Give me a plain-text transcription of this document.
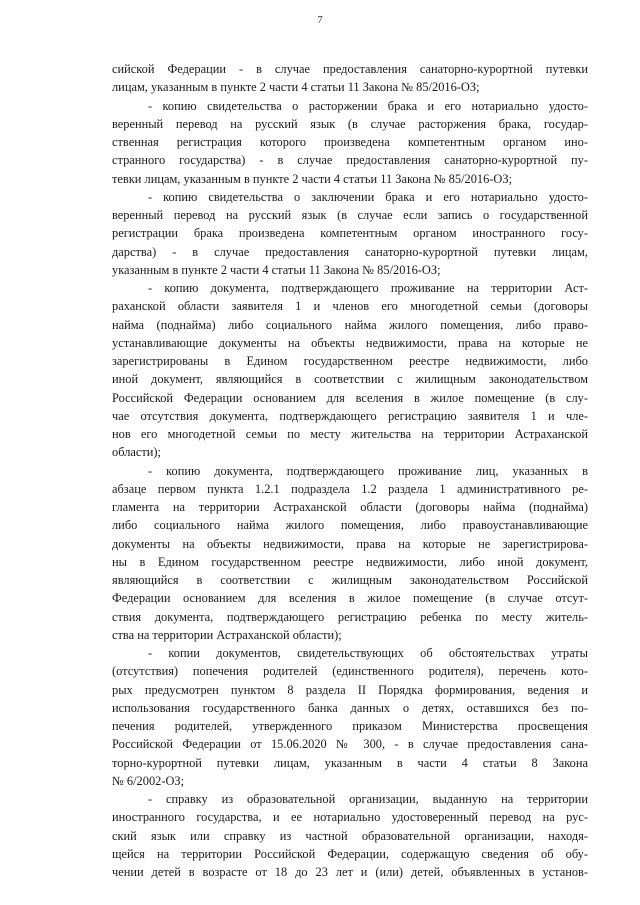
7
сийской Федерации - в случае предоставления санаторно-курортной путевки
лицам, указанным в пункте 2 части 4 статьи 11 Закона № 85/2016-ОЗ;
- копию свидетельства о расторжении брака и его нотариально удосто-
веренный перевод на русский язык (в случае расторжения брака, государ-
ственная регистрация которого произведена компетентным органом ино-
странного государства) - в случае предоставления санаторно-курортной пу-
тевки лицам, указанным в пункте 2 части 4 статьи 11 Закона № 85/2016-ОЗ;
- копию свидетельства о заключении брака и его нотариально удосто-
веренный перевод на русский язык (в случае если запись о государственной
регистрации брака произведена компетентным органом иностранного госу-
дарства) - в случае предоставления санаторно-курортной путевки лицам,
указанным в пункте 2 части 4 статьи 11 Закона № 85/2016-ОЗ;
- копию документа, подтверждающего проживание на территории Аст-
раханской области заявителя 1 и членов его многодетной семьи (договоры
найма (поднайма) либо социального найма жилого помещения, либо право-
устанавливающие документы на объекты недвижимости, права на которые не
зарегистрированы в Едином государственном реестре недвижимости, либо
иной документ, являющийся в соответствии с жилищным законодательством
Российской Федерации основанием для вселения в жилое помещение (в слу-
чае отсутствия документа, подтверждающего регистрацию заявителя 1 и чле-
нов его многодетной семьи по месту жительства на территории Астраханской
области);
- копию документа, подтверждающего проживание лиц, указанных в
абзаце первом пункта 1.2.1 подраздела 1.2 раздела 1 административного ре-
гламента на территории Астраханской области (договоры найма (поднайма)
либо социального найма жилого помещения, либо правоустанавливающие
документы на объекты недвижимости, права на которые не зарегистрирова-
ны в Едином государственном реестре недвижимости, либо иной документ,
являющийся в соответствии с жилищным законодательством Российской
Федерации основанием для вселения в жилое помещение (в случае отсут-
ствия документа, подтверждающего регистрацию ребенка по месту житель-
ства на территории Астраханской области);
- копии документов, свидетельствующих об обстоятельствах утраты
(отсутствия) попечения родителей (единственного родителя), перечень кото-
рых предусмотрен пунктом 8 раздела II Порядка формирования, ведения и
использования государственного банка данных о детях, оставшихся без по-
печения родителей, утвержденного приказом Министерства просвещения
Российской Федерации от 15.06.2020 № 300, - в случае предоставления сана-
торно-курортной путевки лицам, указанным в части 4 статьи 8 Закона
№ 6/2002-ОЗ;
- справку из образовательной организации, выданную на территории
иностранного государства, и ее нотариально удостоверенный перевод на рус-
ский язык или справку из частной образовательной организации, находя-
щейся на территории Российской Федерации, содержащую сведения об обу-
чении детей в возрасте от 18 до 23 лет и (или) детей, объявленных в установ-
